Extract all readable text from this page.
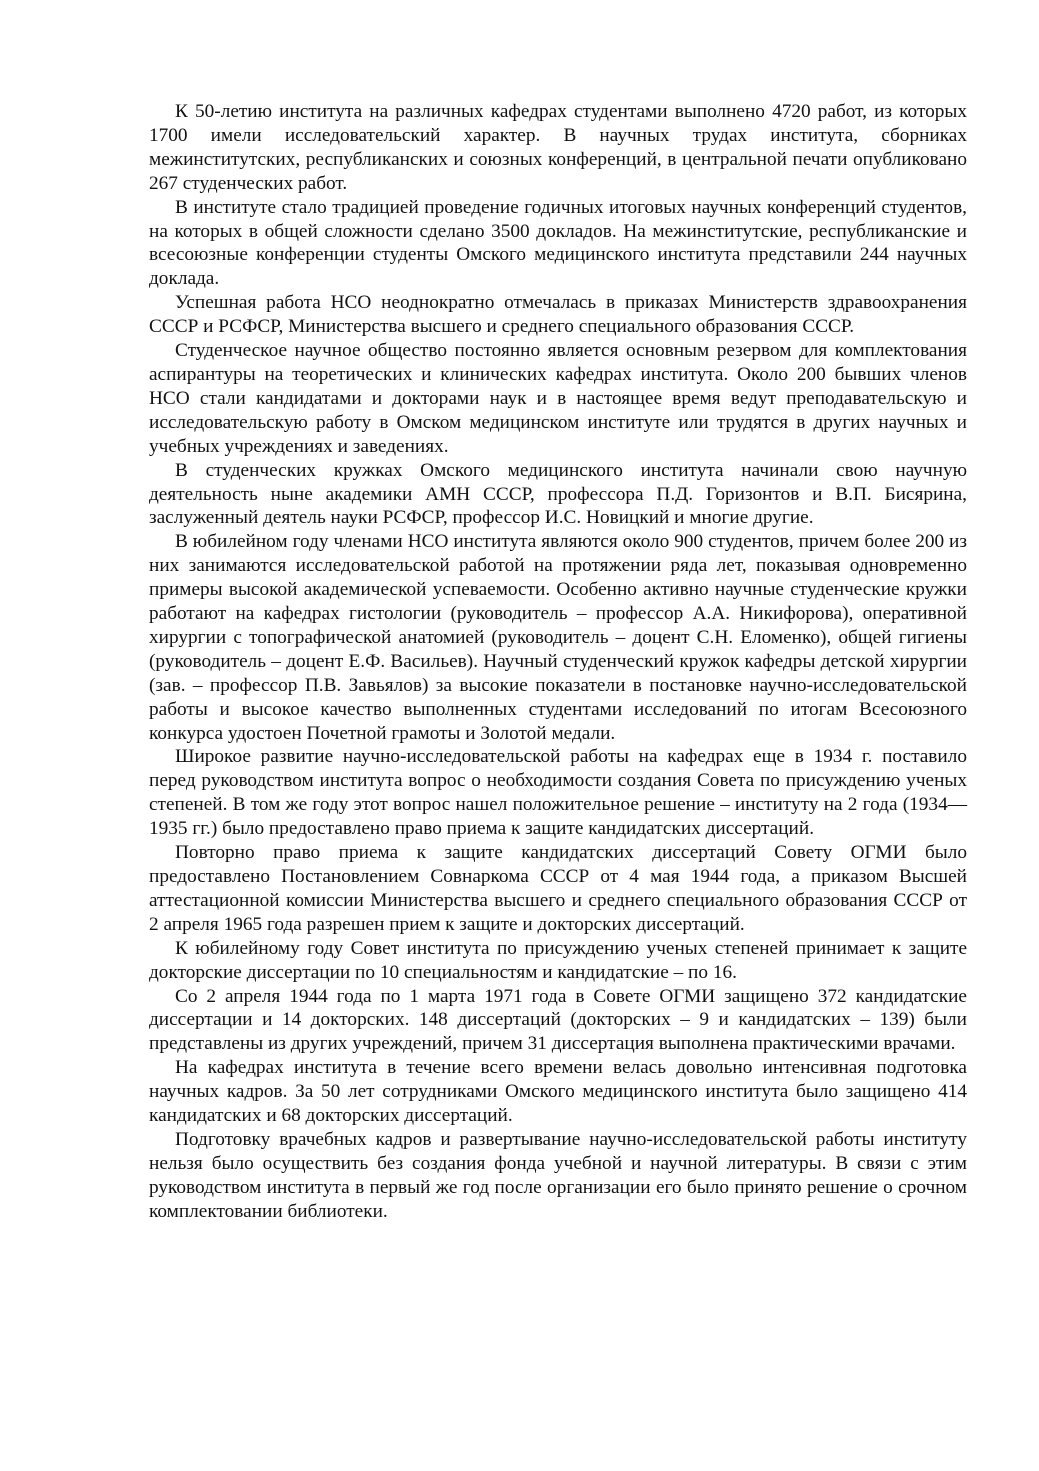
К 50-летию института на различных кафедрах студентами выполнено 4720 работ, из которых 1700 имели исследовательский характер. В научных трудах института, сборниках межинститутских, республиканских и союзных конференций, в центральной печати опубликовано 267 студенческих работ.

В институте стало традицией проведение годичных итоговых научных конференций студентов, на которых в общей сложности сделано 3500 докладов. На межинститутские, республиканские и всесоюзные конференции студенты Омского медицинского института представили 244 научных доклада.

Успешная работа НСО неоднократно отмечалась в приказах Министерств здравоохранения СССР и РСФСР, Министерства высшего и среднего специального образования СССР.

Студенческое научное общество постоянно является основным резервом для комплектования аспирантуры на теоретических и клинических кафедрах института. Около 200 бывших членов НСО стали кандидатами и докторами наук и в настоящее время ведут преподавательскую и исследовательскую работу в Омском медицинском институте или трудятся в других научных и учебных учреждениях и заведениях.

В студенческих кружках Омского медицинского института начинали свою научную деятельность ныне академики АМН СССР, профессора П.Д. Горизонтов и В.П. Бисярина, заслуженный деятель науки РСФСР, профессор И.С. Новицкий и многие другие.

В юбилейном году членами НСО института являются около 900 студентов, причем более 200 из них занимаются исследовательской работой на протяжении ряда лет, показывая одновременно примеры высокой академической успеваемости. Особенно активно научные студенческие кружки работают на кафедрах гистологии (руководитель – профессор А.А. Никифорова), оперативной хирургии с топографической анатомией (руководитель – доцент С.Н. Еломенко), общей гигиены (руководитель – доцент Е.Ф. Васильев). Научный студенческий кружок кафедры детской хирургии (зав. – профессор П.В. Завьялов) за высокие показатели в постановке научно-исследовательской работы и высокое качество выполненных студентами исследований по итогам Всесоюзного конкурса удостоен Почетной грамоты и Золотой медали.

Широкое развитие научно-исследовательской работы на кафедрах еще в 1934 г. поставило перед руководством института вопрос о необходимости создания Совета по присуждению ученых степеней. В том же году этот вопрос нашел положительное решение – институту на 2 года (1934—1935 гг.) было предоставлено право приема к защите кандидатских диссертаций.

Повторно право приема к защите кандидатских диссертаций Совету ОГМИ было предоставлено Постановлением Совнаркома СССР от 4 мая 1944 года, а приказом Высшей аттестационной комиссии Министерства высшего и среднего специального образования СССР от 2 апреля 1965 года разрешен прием к защите и докторских диссертаций.

К юбилейному году Совет института по присуждению ученых степеней принимает к защите докторские диссертации по 10 специальностям и кандидатские – по 16.

Со 2 апреля 1944 года по 1 марта 1971 года в Совете ОГМИ защищено 372 кандидатские диссертации и 14 докторских. 148 диссертаций (докторских – 9 и кандидатских – 139) были представлены из других учреждений, причем 31 диссертация выполнена практическими врачами.

На кафедрах института в течение всего времени велась довольно интенсивная подготовка научных кадров. За 50 лет сотрудниками Омского медицинского института было защищено 414 кандидатских и 68 докторских диссертаций.

Подготовку врачебных кадров и развертывание научно-исследовательской работы институту нельзя было осуществить без создания фонда учебной и научной литературы. В связи с этим руководством института в первый же год после организации его было принято решение о срочном комплектовании библиотеки.
